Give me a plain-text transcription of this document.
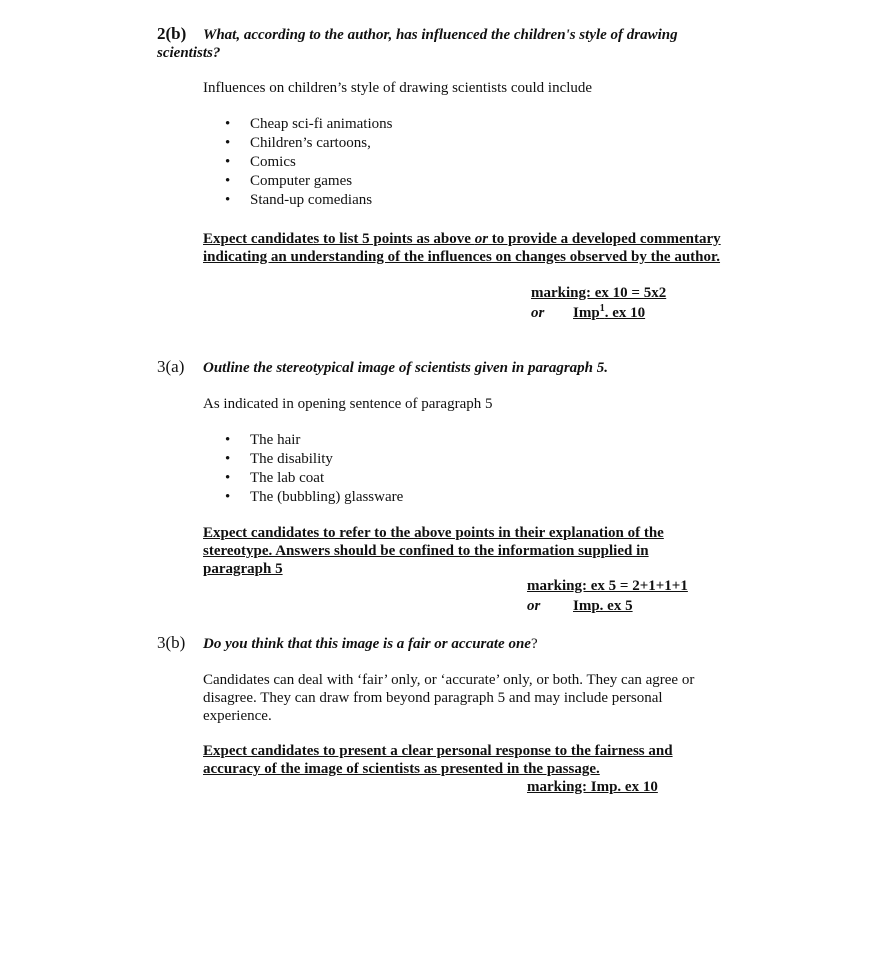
2(b)	What, according to the author, has influenced the children's style of drawing scientists?
Influences on children’s style of drawing scientists could include
• Cheap sci-fi animations
• Children’s cartoons,
• Comics
• Computer games
• Stand-up comedians
Expect candidates to list 5 points as above or to provide a developed commentary indicating an understanding of the influences on changes observed by the author.
marking: ex 10 = 5x2
or Imp$^1$. ex 10
3(a) Outline the stereotypical image of scientists given in paragraph 5.
As indicated in opening sentence of paragraph 5
• The hair
• The disability
• The lab coat
• The (bubbling) glassware
Expect candidates to refer to the above points in their explanation of the stereotype. Answers should be confined to the information supplied in paragraph 5
marking: ex 5 = 2+1+1+1
or Imp. ex 5
3(b) Do you think that this image is a fair or accurate one?
Candidates can deal with ‘fair’ only, or ‘accurate’ only, or both. They can agree or disagree. They can draw from beyond paragraph 5 and may include personal experience.
Expect candidates to present a clear personal response to the fairness and accuracy of the image of scientists as presented in the passage.
marking: Imp. ex 10
